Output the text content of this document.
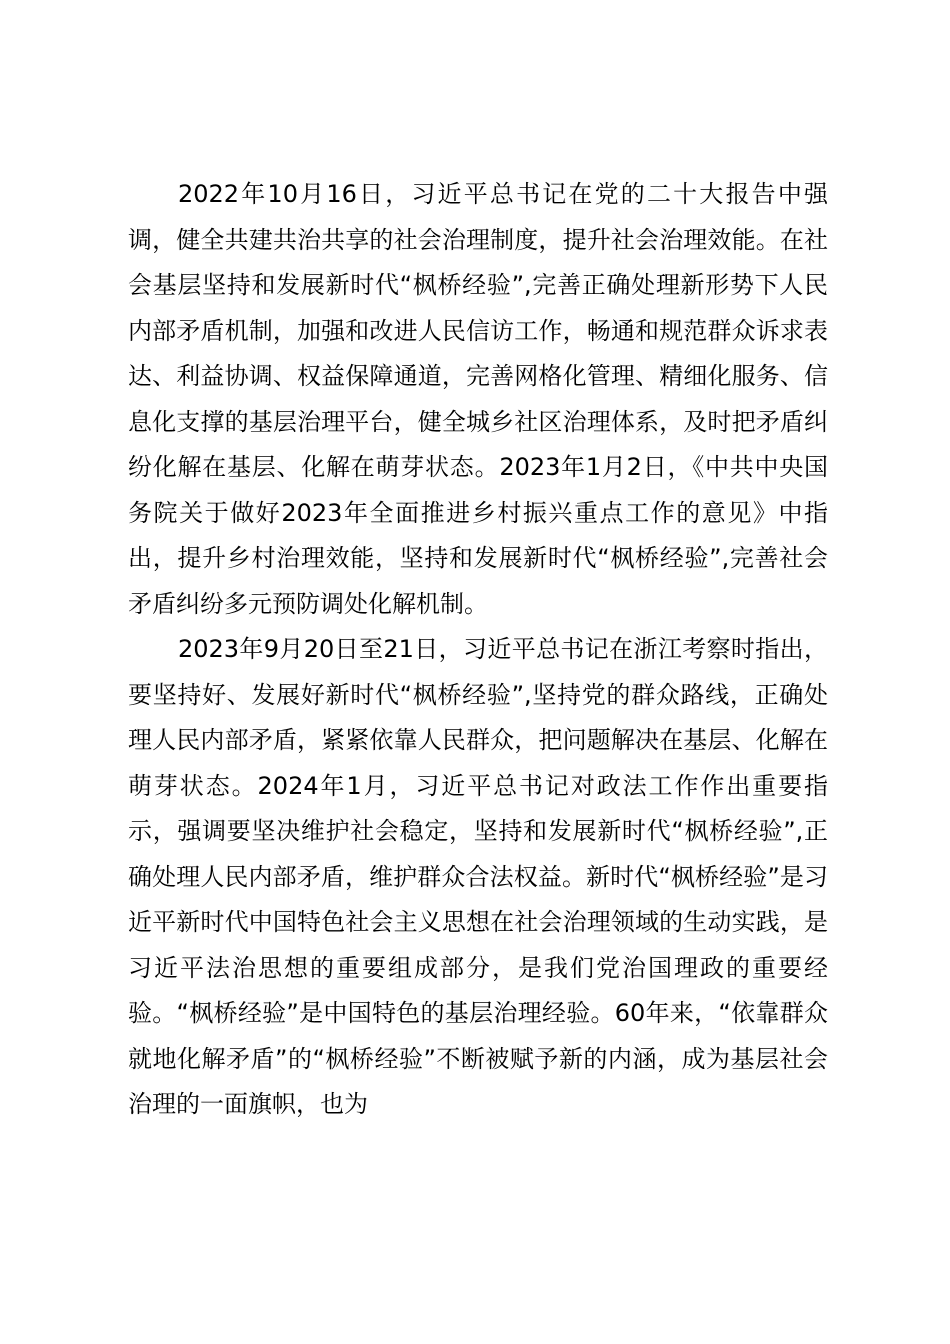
2022年10月16日，习近平总书记在党的二十大报告中强调，健全共建共治共享的社会治理制度，提升社会治理效能。在社会基层坚持和发展新时代“枫桥经验”,完善正确处理新形势下人民内部矛盾机制，加强和改进人民信访工作，畅通和规范群众诉求表达、利益协调、权益保障通道，完善网格化管理、精细化服务、信息化支撑的基层治理平台，健全城乡社区治理体系，及时把矛盾纠纷化解在基层、化解在萌芽状态。2023年1月2日，《中共中央国务院关于做好2023年全面推进乡村振兴重点工作的意见》中指出，提升乡村治理效能，坚持和发展新时代“枫桥经验”,完善社会矛盾纠纷多元预防调处化解机制。

2023年9月20日至21日，习近平总书记在浙江考察时指出，要坚持好、发展好新时代“枫桥经验”,坚持党的群众路线，正确处理人民内部矛盾，紧紧依靠人民群众，把问题解决在基层、化解在萌芽状态。2024年1月，习近平总书记对政法工作作出重要指示，强调要坚决维护社会稳定，坚持和发展新时代“枫桥经验”,正确处理人民内部矛盾，维护群众合法权益。新时代“枫桥经验”是习近平新时代中国特色社会主义思想在社会治理领域的生动实践，是习近平法治思想的重要组成部分，是我们党治国理政的重要经验。“枫桥经验”是中国特色的基层治理经验。60年来，“依靠群众就地化解矛盾”的“枫桥经验”不断被赋予新的内涵，成为基层社会治理的一面旗帜，也为
